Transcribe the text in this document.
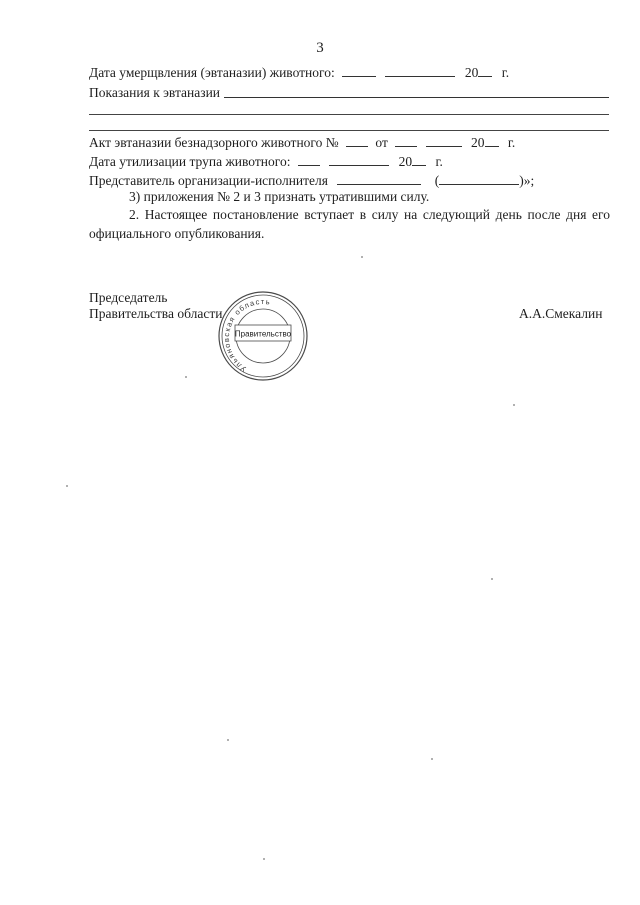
3
Дата умерщвления (эвтаназии) животного:	20 г.
Показания к эвтаназии
Акт эвтаназии безнадзорного животного №	от	20 г.
Дата утилизации трупа животного:	20 г.
Представитель организации-исполнителя	(	)»;
3) приложения № 2 и 3 признать утратившими силу.
2. Настоящее постановление вступает в силу на следующий день после дня его официального опубликования.
Председатель
Правительства области	А.А.Смекалин
Ульяновская область
Правительство
